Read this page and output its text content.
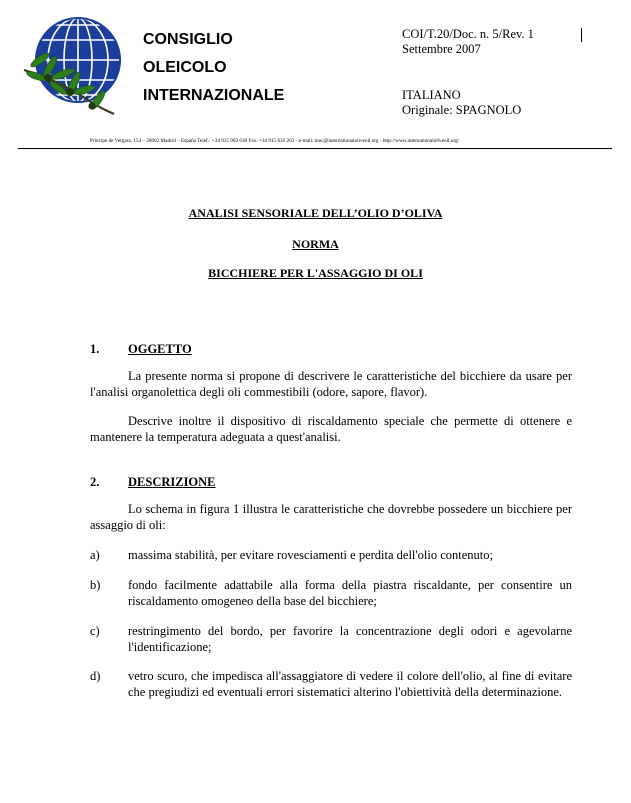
CONSIGLIO
OLEICOLO
INTERNAZIONALE
COI/T.20/Doc. n. 5/Rev. 1
Settembre 2007
ITALIANO
Originale: SPAGNOLO
Príncipe de Vergara, 154 – 28002 Madrid – España Telef.: +34 915 903 638 Fax: +34 915 631 263 - e-mail: iooc@internationaloliveoil.org - http://www.internationaloliveoil.org/
ANALISI SENSORIALE DELL’OLIO D’OLIVA
NORMA
BICCHIERE PER L'ASSAGGIO DI OLI
1. OGGETTO
La presente norma si propone di descrivere le caratteristiche del bicchiere da usare per l'analisi organolettica degli oli commestibili (odore, sapore, flavor).
Descrive inoltre il dispositivo di riscaldamento speciale che permette di ottenere e mantenere la temperatura adeguata a quest'analisi.
2. DESCRIZIONE
Lo schema in figura 1 illustra le caratteristiche che dovrebbe possedere un bicchiere per assaggio di oli:
a) massima stabilità, per evitare rovesciamenti e perdita dell'olio contenuto;
b) fondo facilmente adattabile alla forma della piastra riscaldante, per consentire un riscaldamento omogeneo della base del bicchiere;
c) restringimento del bordo, per favorire la concentrazione degli odori e agevolarne l'identificazione;
d) vetro scuro, che impedisca all'assaggiatore di vedere il colore dell'olio, al fine di evitare che pregiudizi ed eventuali errori sistematici alterino l'obiettività della determinazione.
